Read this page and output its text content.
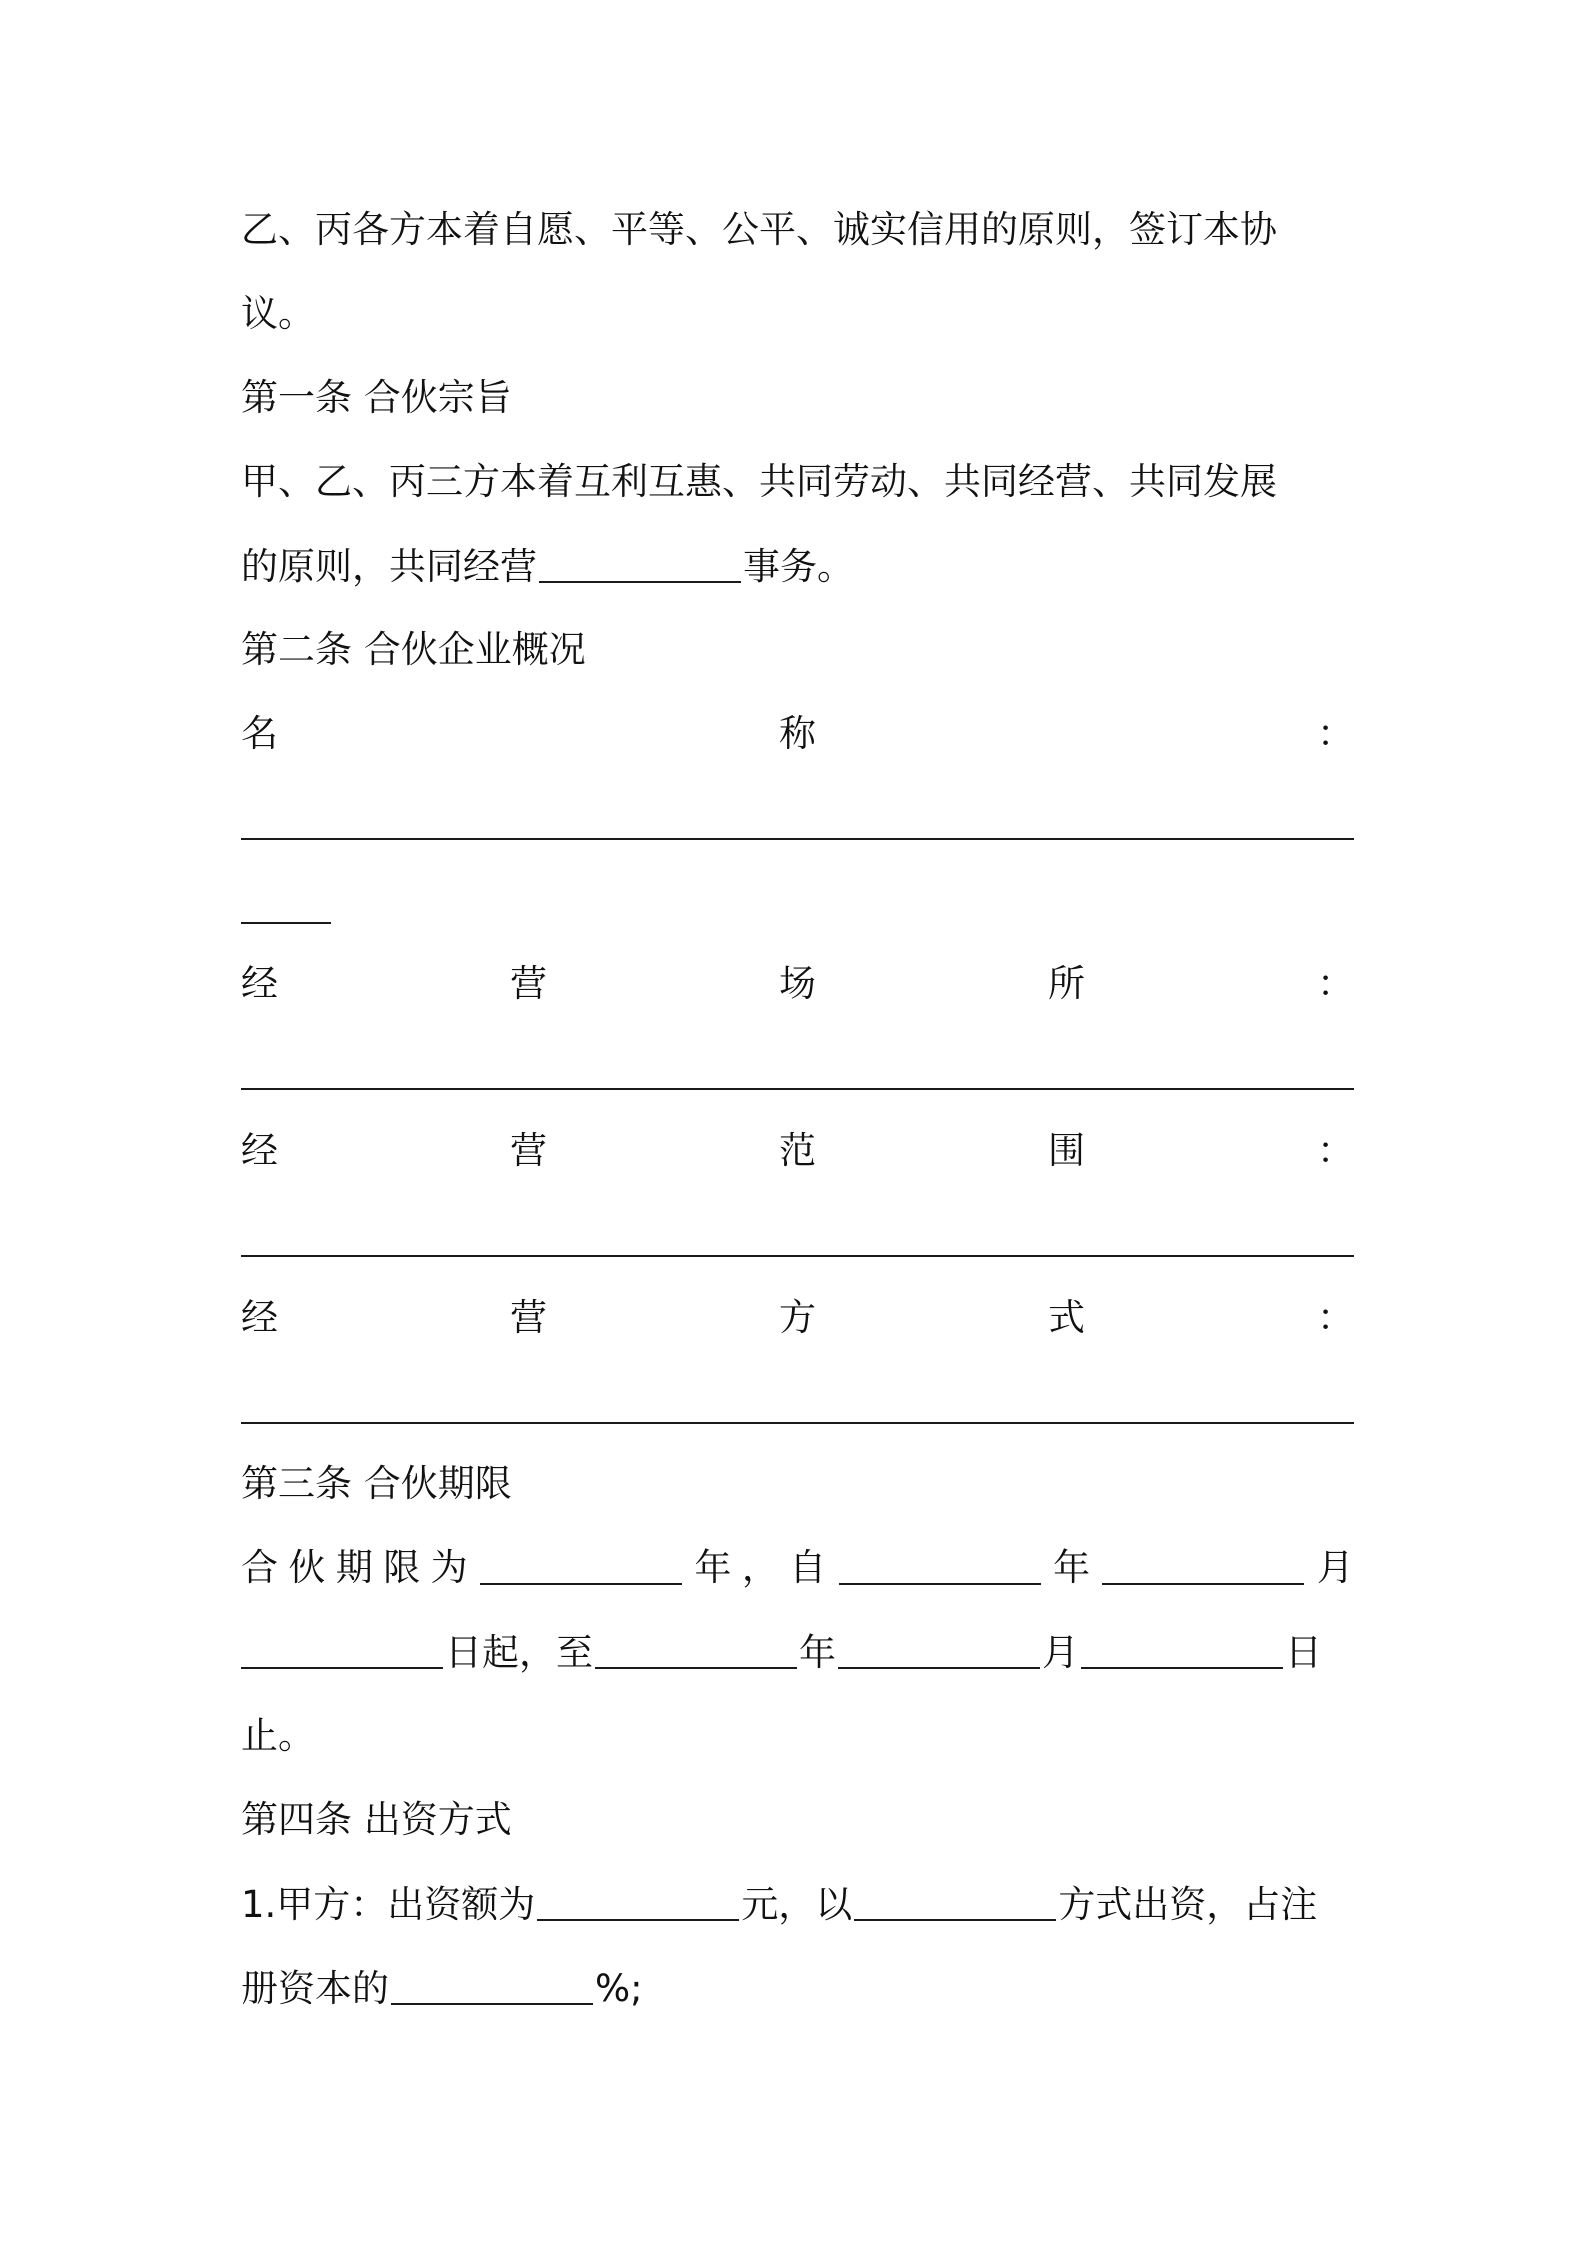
乙、丙各方本着自愿、平等、公平、诚实信用的原则，签订本协
议。
第一条 合伙宗旨
甲、乙、丙三方本着互利互惠、共同劳动、共同经营、共同发展
的原则，共同经营	事务。
第二条 合伙企业概况
名	称	：
经	营	场	所	：
经	营	范	围	：
经	营	方	式	：
第三条 合伙期限
合 伙 期 限 为	年 ， 自	年	月
日起，至	年	月	日
止。
第四条 出资方式
1.甲方：出资额为	元，以	方式出资，占注
册资本的	%;
